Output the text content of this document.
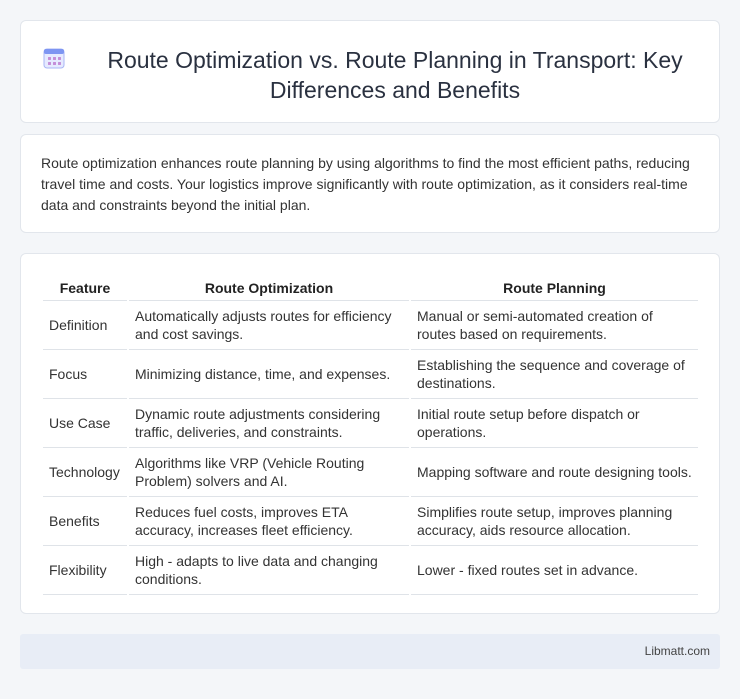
Route Optimization vs. Route Planning in Transport: Key Differences and Benefits

Route optimization enhances route planning by using algorithms to find the most efficient paths, reducing travel time and costs. Your logistics improve significantly with route optimization, as it considers real-time data and constraints beyond the initial plan.

Feature	Route Optimization	Route Planning
Definition	Automatically adjusts routes for efficiency and cost savings.	Manual or semi-automated creation of routes based on requirements.
Focus	Minimizing distance, time, and expenses.	Establishing the sequence and coverage of destinations.
Use Case	Dynamic route adjustments considering traffic, deliveries, and constraints.	Initial route setup before dispatch or operations.
Technology	Algorithms like VRP (Vehicle Routing Problem) solvers and AI.	Mapping software and route designing tools.
Benefits	Reduces fuel costs, improves ETA accuracy, increases fleet efficiency.	Simplifies route setup, improves planning accuracy, aids resource allocation.
Flexibility	High - adapts to live data and changing conditions.	Lower - fixed routes set in advance.
Libmatt.com
